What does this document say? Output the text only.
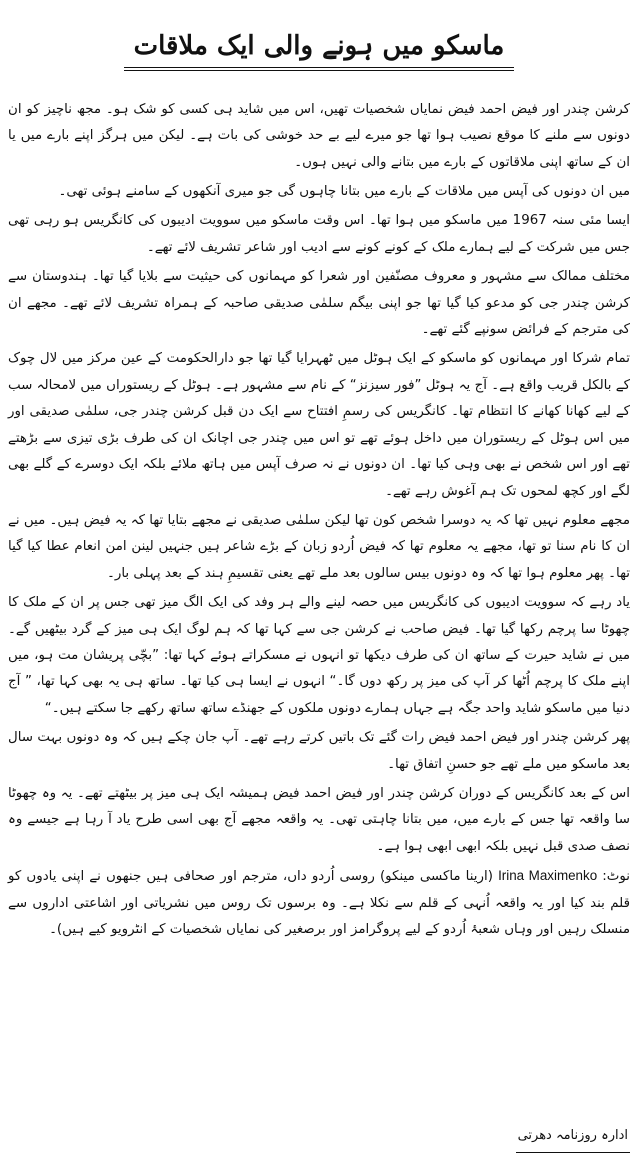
ماسکو میں ہونے والی ایک ملاقات

کرشن چندر اور فیض احمد فیض نمایاں شخصیات تھیں، اس میں شاید ہی کسی کو شک ہو۔ مجھ ناچیز کو ان دونوں سے ملنے کا موقع نصیب ہوا تھا جو میرے لیے بے حد خوشی کی بات ہے۔ لیکن میں ہرگز اپنے بارے میں یا ان کے ساتھ اپنی ملاقاتوں کے بارے میں بتانے والی نہیں ہوں۔

میں ان دونوں کی آپس میں ملاقات کے بارے میں بتانا چاہوں گی جو میری آنکھوں کے سامنے ہوئی تھی۔

ایسا مئی سنہ 1967 میں ماسکو میں ہوا تھا۔ اس وقت ماسکو میں سوویت ادیبوں کی کانگریس ہو رہی تھی جس میں شرکت کے لیے ہمارے ملک کے کونے کونے سے ادیب اور شاعر تشریف لائے تھے۔

مختلف ممالک سے مشہور و معروف مصنّفین اور شعرا کو مہمانوں کی حیثیت سے بلایا گیا تھا۔ ہندوستان سے کرشن چندر جی کو مدعو کیا گیا تھا جو اپنی بیگم سلمٰی صدیقی صاحبہ کے ہمراہ تشریف لائے تھے۔ مجھے ان کی مترجم کے فرائض سونپے گئے تھے۔

تمام شرکا اور مہمانوں کو ماسکو کے ایک ہوٹل میں ٹھہرایا گیا تھا جو دارالحکومت کے عین مرکز میں لال چوک کے بالکل قریب واقع ہے۔ آج یہ ہوٹل ”فور سیزنز“ کے نام سے مشہور ہے۔ ہوٹل کے ریستوراں میں لامحالہ سب کے لیے کھانا کھانے کا انتظام تھا۔ کانگریس کی رسمِ افتتاح سے ایک دن قبل کرشن چندر جی، سلمٰی صدیقی اور میں اس ہوٹل کے ریستوران میں داخل ہوئے تھے تو اس میں چندر جی اچانک ان کی طرف بڑی تیزی سے بڑھتے تھے اور اس شخص نے بھی وہی کیا تھا۔ ان دونوں نے نہ صرف آپس میں ہاتھ ملائے بلکہ ایک دوسرے کے گلے بھی لگے اور کچھ لمحوں تک ہم آغوش رہے تھے۔

مجھے معلوم نہیں تھا کہ یہ دوسرا شخص کون تھا لیکن سلمٰی صدیقی نے مجھے بتایا تھا کہ یہ فیض ہیں۔ میں نے ان کا نام سنا تو تھا، مجھے یہ معلوم تھا کہ فیض اُردو زبان کے بڑے شاعر ہیں جنہیں لینن امن انعام عطا کیا گیا تھا۔ پھر معلوم ہوا تھا کہ وہ دونوں بیس سالوں بعد ملے تھے یعنی تقسیمِ ہند کے بعد پہلی بار۔

یاد رہے کہ سوویت ادیبوں کی کانگریس میں حصہ لینے والے ہر وفد کی ایک الگ میز تھی جس پر ان کے ملک کا چھوٹا سا پرچم رکھا گیا تھا۔ فیض صاحب نے کرشن جی سے کہا تھا کہ ہم لوگ ایک ہی میز کے گرد بیٹھیں گے۔ میں نے شاید حیرت کے ساتھ ان کی طرف دیکھا تو انہوں نے مسکراتے ہوئے کہا تھا: ”بچّی پریشان مت ہو، میں اپنے ملک کا پرچم اُٹھا کر آپ کی میز پر رکھ دوں گا۔“ انہوں نے ایسا ہی کیا تھا۔ ساتھ ہی یہ بھی کہا تھا، ” آج دنیا میں ماسکو شاید واحد جگہ ہے جہاں ہمارے دونوں ملکوں کے جھنڈے ساتھ ساتھ رکھے جا سکتے ہیں۔“

پھر کرشن چندر اور فیض احمد فیض رات گئے تک باتیں کرتے رہے تھے۔ آپ جان چکے ہیں کہ وہ دونوں بہت سال بعد ماسکو میں ملے تھے جو حسنِ اتفاق تھا۔

اس کے بعد کانگریس کے دوران کرشن چندر اور فیض احمد فیض ہمیشہ ایک ہی میز پر بیٹھتے تھے۔ یہ وہ چھوٹا سا واقعہ تھا جس کے بارے میں، میں بتانا چاہتی تھی۔ یہ واقعہ مجھے آج بھی اسی طرح یاد آ رہا ہے جیسے وہ نصف صدی قبل نہیں بلکہ ابھی ابھی ہوا ہے۔

نوٹ: Irina Maximenko (ارینا ماکسی مینکو) روسی اُردو داں، مترجم اور صحافی ہیں جنھوں نے اپنی یادوں کو قلم بند کیا اور یہ واقعہ اُنہی کے قلم سے نکلا ہے۔ وہ برسوں تک روس میں نشریاتی اور اشاعتی اداروں سے منسلک رہیں اور وہاں شعبۂ اُردو کے لیے پروگرامز اور برصغیر کی نمایاں شخصیات کے انٹرویو کیے ہیں)۔

ادارہ روزنامہ دھرتی
